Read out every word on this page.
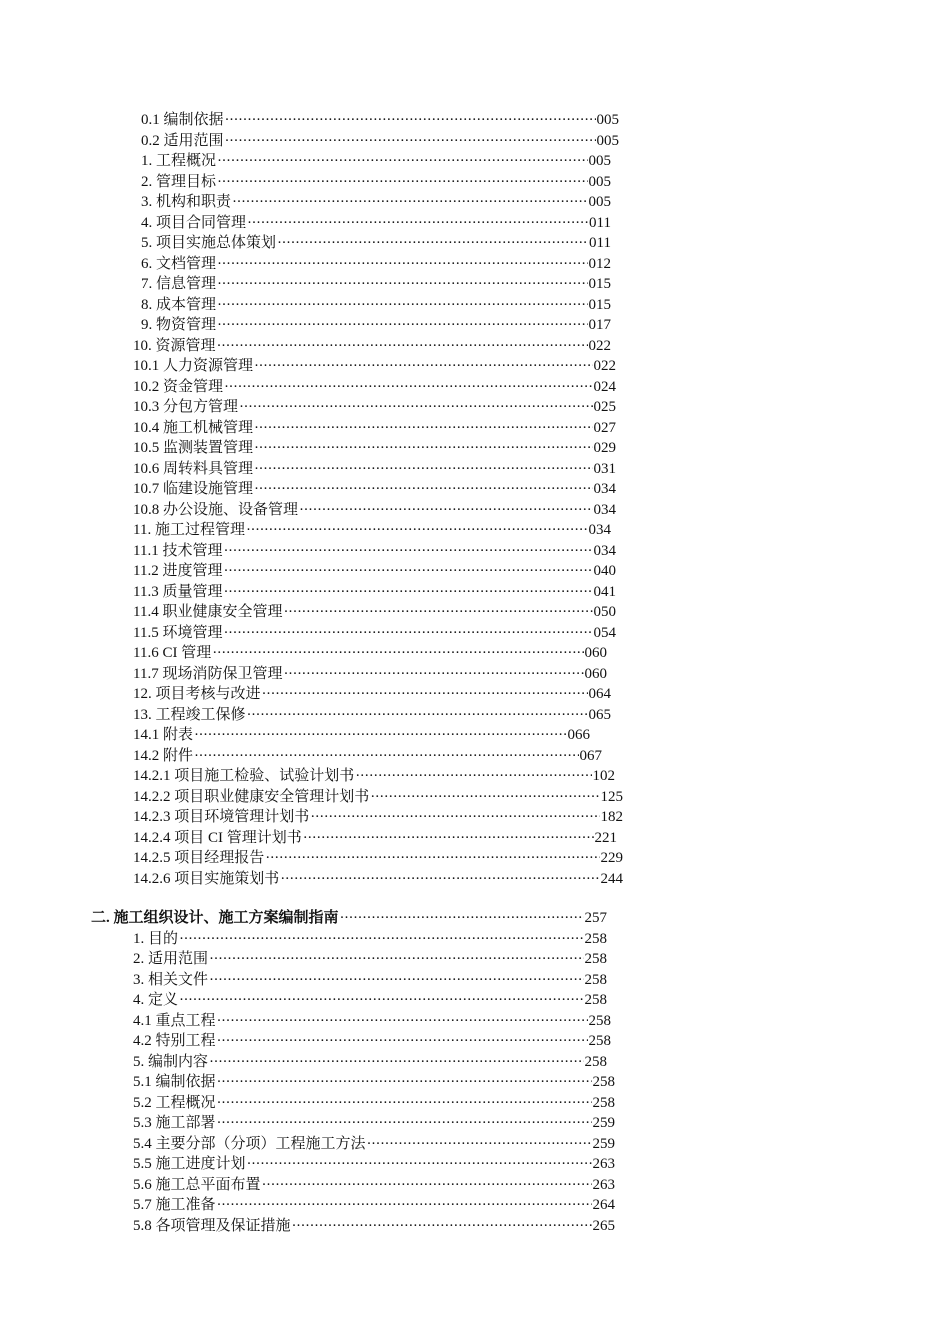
0.1 编制依据 ·····	005
0.2 适用范围 ·····	005
1. 工程概况 ·····	005
2. 管理目标 ·····	005
3. 机构和职责 ·····	005
4. 项目合同管理 ·····	011
5. 项目实施总体策划 ·····	011
6. 文档管理 ·····	012
7. 信息管理 ·····	015
8. 成本管理 ·····	015
9. 物资管理 ·····	017
10. 资源管理 ·····	022
10.1 人力资源管理 ·····	022
10.2 资金管理 ·····	024
10.3 分包方管理 ·····	025
10.4 施工机械管理 ·····	027
10.5 监测装置管理 ·····	029
10.6 周转料具管理 ·····	031
10.7 临建设施管理 ·····	034
10.8 办公设施、设备管理 ·····	034
11. 施工过程管理 ·····	034
11.1 技术管理 ·····	034
11.2 进度管理 ·····	040
11.3 质量管理 ·····	041
11.4 职业健康安全管理 ·····	050
11.5 环境管理 ·····	054
11.6 CI 管理 ·····	060
11.7 现场消防保卫管理 ·····	060
12. 项目考核与改进 ·····	064
13. 工程竣工保修 ·····	065
14.1 附表 ·····	066
14.2 附件 ·····	067
14.2.1 项目施工检验、试验计划书 ·····	102
14.2.2 项目职业健康安全管理计划书 ·····	125
14.2.3 项目环境管理计划书 ·····	182
14.2.4 项目 CI 管理计划书 ·····	221
14.2.5 项目经理报告 ·····	229
14.2.6 项目实施策划书 ·····	244
二. 施工组织设计、施工方案编制指南 ·····	257
1. 目的 ·····	258
2. 适用范围 ·····	258
3. 相关文件 ·····	258
4. 定义 ·····	258
4.1 重点工程 ·····	258
4.2 特别工程 ·····	258
5. 编制内容 ·····	258
5.1 编制依据 ·····	258
5.2 工程概况 ·····	258
5.3 施工部署 ·····	259
5.4 主要分部（分项）工程施工方法 ·····	259
5.5 施工进度计划 ·····	263
5.6 施工总平面布置 ·····	263
5.7 施工准备 ·····	264
5.8 各项管理及保证措施 ·····	265
